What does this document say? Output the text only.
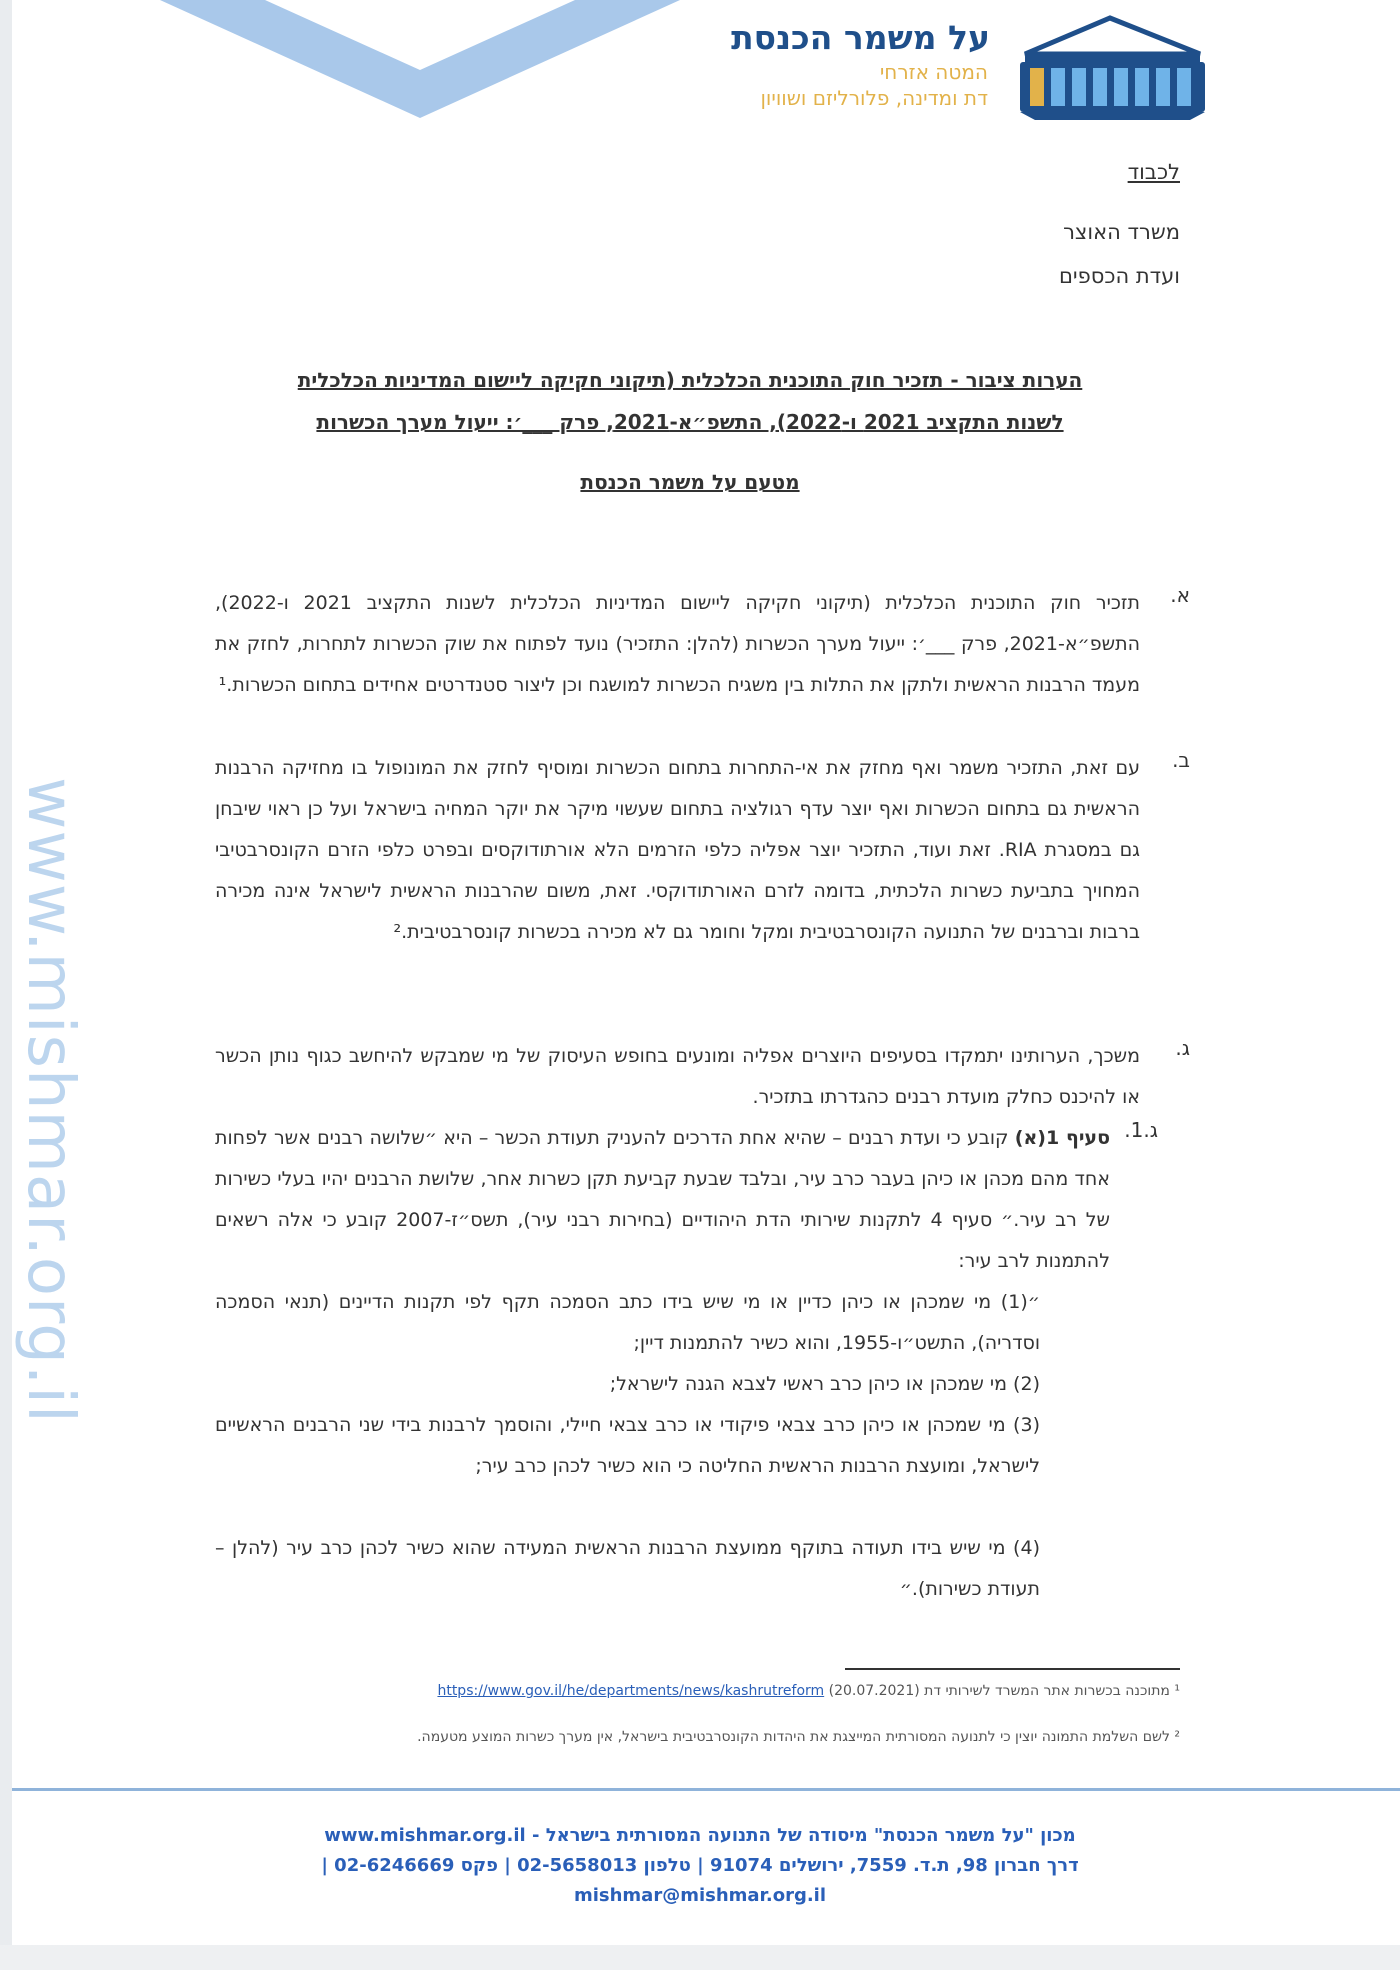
על משמר הכנסת
המטה אזרחי
דת ומדינה, פלורליזם ושוויון
לכבוד
משרד האוצר
ועדת הכספים
הערות ציבור - תזכיר חוק התוכנית הכלכלית (תיקוני חקיקה ליישום המדיניות הכלכלית
לשנות התקציב 2021 ו-2022), התשפ״א-2021, פרק ___׳: ייעול מערך הכשרות
מטעם על משמר הכנסת
א.
תזכיר חוק התוכנית הכלכלית (תיקוני חקיקה ליישום המדיניות הכלכלית לשנות התקציב 2021 ו-2022), התשפ״א-2021, פרק ___׳: ייעול מערך הכשרות (להלן: התזכיר) נועד לפתוח את שוק הכשרות לתחרות, לחזק את מעמד הרבנות הראשית ולתקן את התלות בין משגיח הכשרות למושגח וכן ליצור סטנדרטים אחידים בתחום הכשרות.¹
ב.
עם זאת, התזכיר משמר ואף מחזק את אי-התחרות בתחום הכשרות ומוסיף לחזק את המונופול בו מחזיקה הרבנות הראשית גם בתחום הכשרות ואף יוצר עדף רגולציה בתחום שעשוי מיקר את יוקר המחיה בישראל ועל כן ראוי שיבחן גם במסגרת RIA. זאת ועוד, התזכיר יוצר אפליה כלפי הזרמים הלא אורתודוקסים ובפרט כלפי הזרם הקונסרבטיבי המחויך בתביעת כשרות הלכתית, בדומה לזרם האורתודוקסי. זאת, משום שהרבנות הראשית לישראל אינה מכירה ברבות וברבנים של התנועה הקונסרבטיבית ומקל וחומר גם לא מכירה בכשרות קונסרבטיבית.²
ג.
משכך, הערותינו יתמקדו בסעיפים היוצרים אפליה ומונעים בחופש העיסוק של מי שמבקש להיחשב כגוף נותן הכשר או להיכנס כחלק מועדת רבנים כהגדרתו בתזכיר.
ג.1.
סעיף 1(א) קובע כי ועדת רבנים – שהיא אחת הדרכים להעניק תעודת הכשר – היא ״שלושה רבנים אשר לפחות אחד מהם מכהן או כיהן בעבר כרב עיר, ובלבד שבעת קביעת תקן כשרות אחר, שלושת הרבנים יהיו בעלי כשירות של רב עיר.״ סעיף 4 לתקנות שירותי הדת היהודיים (בחירות רבני עיר), תשס״ז-2007 קובע כי אלה רשאים להתמנות לרב עיר:
״(1) מי שמכהן או כיהן כדיין או מי שיש בידו כתב הסמכה תקף לפי תקנות הדיינים (תנאי הסמכה וסדריה), התשט״ו-1955, והוא כשיר להתמנות דיין;
(2) מי שמכהן או כיהן כרב ראשי לצבא הגנה לישראל;
(3) מי שמכהן או כיהן כרב צבאי פיקודי או כרב צבאי חיילי, והוסמך לרבנות בידי שני הרבנים הראשיים לישראל, ומועצת הרבנות הראשית החליטה כי הוא כשיר לכהן כרב עיר;
(4) מי שיש בידו תעודה בתוקף ממועצת הרבנות הראשית המעידה שהוא כשיר לכהן כרב עיר (להלן – תעודת כשירות).״
¹ מתוכנה בכשרות אתר המשרד לשירותי דת https://www.gov.il/he/departments/news/kashrutreform (20.07.2021)
² לשם השלמת התמונה יוצין כי לתנועה המסורתית המייצגת את היהדות הקונסרבטיבית בישראל, אין מערך כשרות המוצע מטעמה.
מכון "על משמר הכנסת" מיסודה של התנועה המסורתית בישראל - www.mishmar.org.il
דרך חברון 98, ת.ד. 7559, ירושלים 91074 | טלפון 02-5658013 | פקס 02-6246669 |
mishmar@mishmar.org.il
www.mishmar.org.il
